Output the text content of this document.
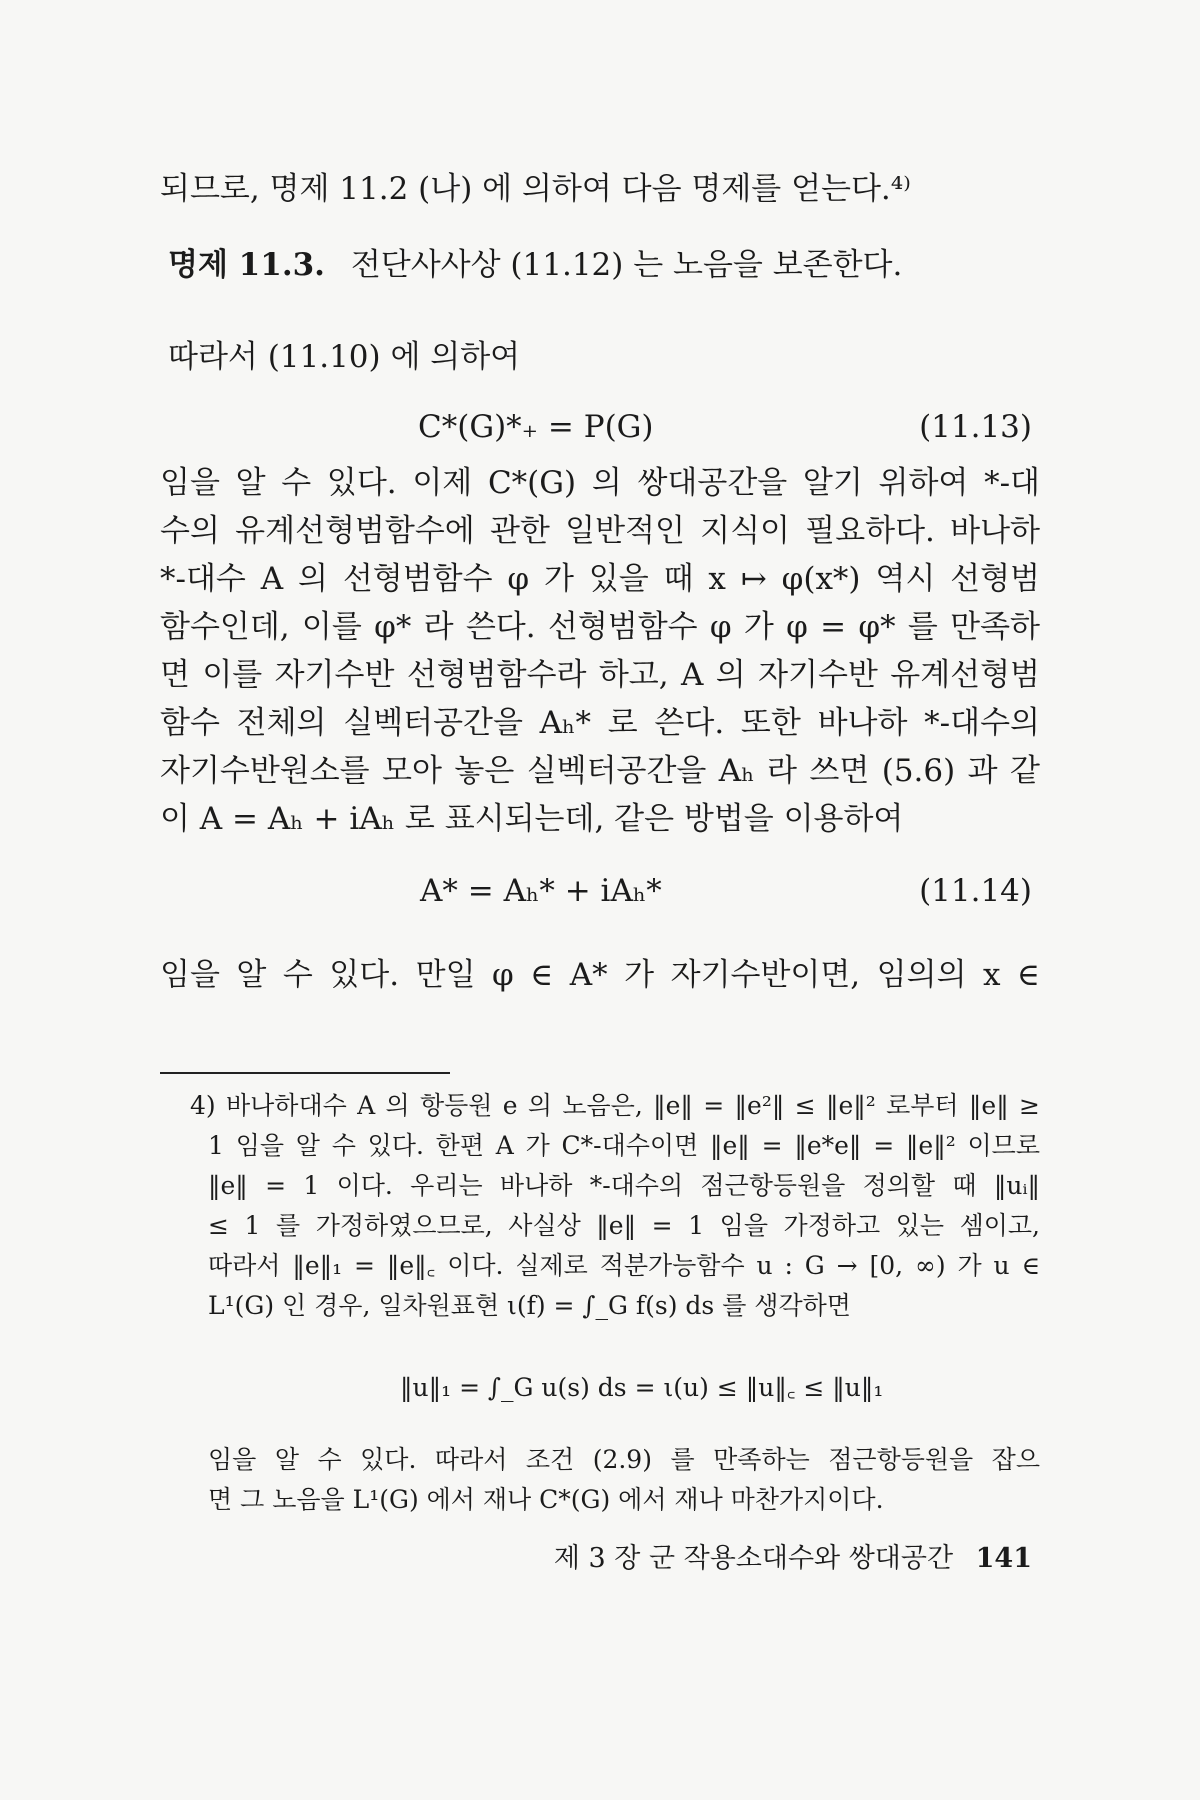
되므로, 명제 11.2 (나) 에 의하여 다음 명제를 얻는다.⁴⁾
명제 11.3. 전단사사상 (11.12) 는 노음을 보존한다.
따라서 (11.10) 에 의하여
C*(G)*₊ = P(G)	(11.13)
임을 알 수 있다. 이제 C*(G) 의 쌍대공간을 알기 위하여 *-대
수의 유계선형범함수에 관한 일반적인 지식이 필요하다. 바나하
*-대수 A 의 선형범함수 φ 가 있을 때 x ↦ φ(x*) 역시 선형범
함수인데, 이를 φ* 라 쓴다. 선형범함수 φ 가 φ = φ* 를 만족하
면 이를 자기수반 선형범함수라 하고, A 의 자기수반 유계선형범
함수 전체의 실벡터공간을 Aₕ* 로 쓴다. 또한 바나하 *-대수의
자기수반원소를 모아 놓은 실벡터공간을 Aₕ 라 쓰면 (5.6) 과 같
이 A = Aₕ + iAₕ 로 표시되는데, 같은 방법을 이용하여
A* = Aₕ* + iAₕ*	(11.14)
임을 알 수 있다. 만일 φ ∈ A* 가 자기수반이면, 임의의 x ∈
4) 바나하대수 A 의 항등원 e 의 노음은, ‖e‖ = ‖e²‖ ≤ ‖e‖² 로부터 ‖e‖ ≥
1 임을 알 수 있다. 한편 A 가 C*-대수이면 ‖e‖ = ‖e*e‖ = ‖e‖² 이므로
‖e‖ = 1 이다. 우리는 바나하 *-대수의 점근항등원을 정의할 때 ‖uᵢ‖
≤ 1 를 가정하였으므로, 사실상 ‖e‖ = 1 임을 가정하고 있는 셈이고,
따라서 ‖e‖₁ = ‖e‖꜀ 이다. 실제로 적분가능함수 u : G → [0, ∞) 가 u ∈
L¹(G) 인 경우, 일차원표현 ι(f) = ∫_G f(s) ds 를 생각하면
‖u‖₁ = ∫_G u(s) ds = ι(u) ≤ ‖u‖꜀ ≤ ‖u‖₁
임을 알 수 있다. 따라서 조건 (2.9) 를 만족하는 점근항등원을 잡으
면 그 노음을 L¹(G) 에서 재나 C*(G) 에서 재나 마찬가지이다.
제 3 장 군 작용소대수와 쌍대공간 141
